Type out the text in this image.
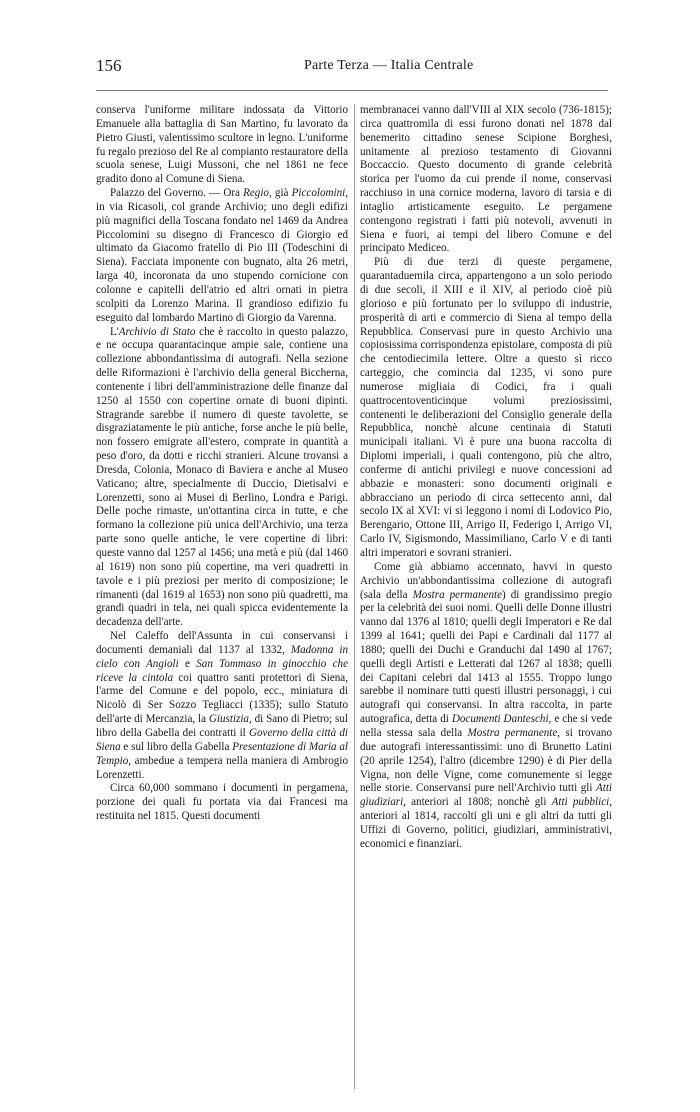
156	Parte Terza — Italia Centrale

conserva l'uniforme militare indossata da Vittorio Emanuele alla battaglia di San Martino, fu lavorato da Pietro Giusti, valentissimo scultore in legno. L'uniforme fu regalo prezioso del Re al compianto restauratore della scuola senese, Luigi Mussoni, che nel 1861 ne fece gradito dono al Comune di Siena.

Palazzo del Governo. — Ora Regio, già Piccolomini, in via Ricasoli, col grande Archivio; uno degli edifizi più magnifici della Toscana fondato nel 1469 da Andrea Piccolomini su disegno di Francesco di Giorgio ed ultimato da Giacomo fratello di Pio III (Todeschini di Siena). Facciata imponente con bugnato, alta 26 metri, larga 40, incoronata da uno stupendo cornicione con colonne e capitelli dell'atrio ed altri ornati in pietra scolpiti da Lorenzo Marina. Il grandioso edifizio fu eseguito dal lombardo Martino di Giorgio da Varenna.

L'Archivio di Stato che è raccolto in questo palazzo, e ne occupa quarantacinque ampie sale, contiene una collezione abbondantissima di autografi. Nella sezione delle Riformazioni è l'archivio della general Biccherna, contenente i libri dell'amministrazione delle finanze dal 1250 al 1550 con copertine ornate di buoni dipinti. Stragrande sarebbe il numero di queste tavolette, se disgraziatamente le più antiche, forse anche le più belle, non fossero emigrate all'estero, comprate in quantità a peso d'oro, da dotti e ricchi stranieri. Alcune trovansi a Dresda, Colonia, Monaco di Baviera e anche al Museo Vaticano; altre, specialmente di Duccio, Dietisalvi e Lorenzetti, sono ai Musei di Berlino, Londra e Parigi. Delle poche rimaste, un'ottantina circa in tutte, e che formano la collezione più unica dell'Archivio, una terza parte sono quelle antiche, le vere copertine di libri: queste vanno dal 1257 al 1456; una metà e più (dal 1460 al 1619) non sono più copertine, ma veri quadretti in tavole e i più preziosi per merito di composizione; le rimanenti (dal 1619 al 1653) non sono più quadretti, ma grandi quadri in tela, nei quali spicca evidentemente la decadenza dell'arte.

Nel Caleffo dell'Assunta in cui conservansi i documenti demaniali dal 1137 al 1332, Madonna in cielo con Angioli e San Tommaso in ginocchio che riceve la cintola coi quattro santi protettori di Siena, l'arme del Comune e del popolo, ecc., miniatura di Nicolò di Ser Sozzo Tegliacci (1335); sullo Statuto dell'arte di Mercanzia, la Giustizia, di Sano di Pietro; sul libro della Gabella dei contratti il Governo della città di Siena e sul libro della Gabella Presentazione di Maria al Tempio, ambedue a tempera nella maniera di Ambrogio Lorenzetti.

Circa 60,000 sommano i documenti in pergamena, porzione dei quali fu portata via dai Francesi ma restituita nel 1815. Questi documenti

membranacei vanno dall'VIII al XIX secolo (736-1815); circa quattromila di essi furono donati nel 1878 dal benemerito cittadino senese Scipione Borghesi, unitamente al prezioso testamento di Giovanni Boccaccio. Questo documento di grande celebrità storica per l'uomo da cui prende il nome, conservasi racchiuso in una cornice moderna, lavoro di tarsia e di intaglio artisticamente eseguito. Le pergamene contengono registrati i fatti più notevoli, avvenuti in Siena e fuori, ai tempi del libero Comune e del principato Mediceo.

Più di due terzi di queste pergamene, quarantaduemila circa, appartengono a un solo periodo di due secoli, il XIII e il XIV, al periodo cioè più glorioso e più fortunato per lo sviluppo di industrie, prosperità di arti e commercio di Siena al tempo della Repubblica. Conservasi pure in questo Archivio una copiosissima corrispondenza epistolare, composta di più che centodiecimila lettere. Oltre a questo sì ricco carteggio, che comincia dal 1235, vi sono pure numerose migliaia di Codici, fra i quali quattrocentoventicinque volumi preziosissimi, contenenti le deliberazioni del Consiglio generale della Repubblica, nonchè alcune centinaia di Statuti municipali italiani. Vi è pure una buona raccolta di Diplomi imperiali, i quali contengono, più che altro, conferme di antichi privilegi e nuove concessioni ad abbazie e monasteri: sono documenti originali e abbracciano un periodo di circa settecento anni, dal secolo IX al XVI: vi si leggono i nomi di Lodovico Pio, Berengario, Ottone III, Arrigo II, Federigo I, Arrigo VI, Carlo IV, Sigismondo, Massimiliano, Carlo V e di tanti altri imperatori e sovrani stranieri.

Come già abbiamo accennato, havvi in questo Archivio un'abbondantissima collezione di autografi (sala della Mostra permanente) di grandissimo pregio per la celebrità dei suoi nomi. Quelli delle Donne illustri vanno dal 1376 al 1810; quelli degli Imperatori e Re dal 1399 al 1641; quelli dei Papi e Cardinali dal 1177 al 1880; quelli dei Duchi e Granduchi dal 1490 al 1767; quelli degli Artisti e Letterati dal 1267 al 1838; quelli dei Capitani celebri dal 1413 al 1555. Troppo lungo sarebbe il nominare tutti questi illustri personaggi, i cui autografi qui conservansi. In altra raccolta, in parte autografica, detta di Documenti Danteschi, e che si vede nella stessa sala della Mostra permanente, si trovano due autografi interessantissimi: uno di Brunetto Latini (20 aprile 1254), l'altro (dicembre 1290) è di Pier della Vigna, non delle Vigne, come comunemente si legge nelle storie. Conservansi pure nell'Archivio tutti gli Atti giudiziari, anteriori al 1808; nonchè gli Atti pubblici, anteriori al 1814, raccolti gli uni e gli altri da tutti gli Uffizi di Governo, politici, giudiziari, amministrativi, economici e finanziari.
